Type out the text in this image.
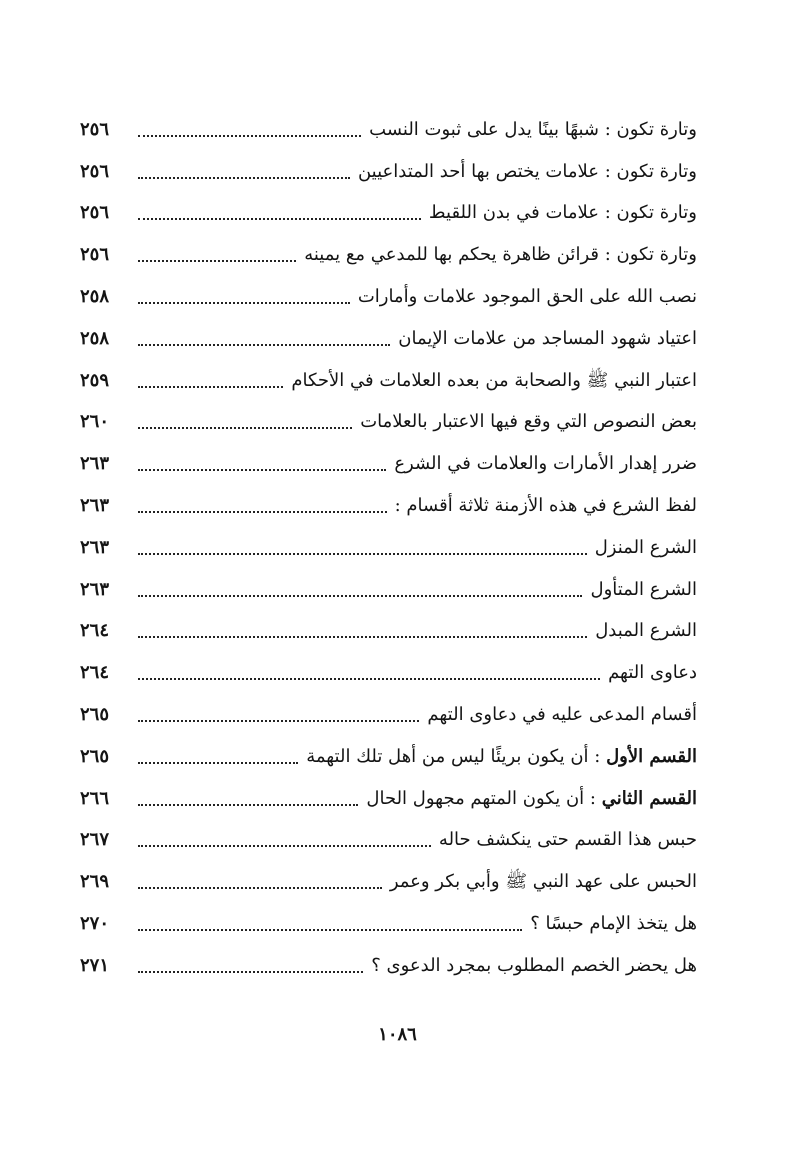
وتارة تكون : شبهًا بينًا يدل على ثبوت النسب
٢٥٦
وتارة تكون : علامات يختص بها أحد المتداعيين
٢٥٦
وتارة تكون : علامات في بدن اللقيط
٢٥٦
وتارة تكون : قرائن ظاهرة يحكم بها للمدعي مع يمينه
٢٥٦
نصب الله على الحق الموجود علامات وأمارات
٢٥٨
اعتياد شهود المساجد من علامات الإيمان
٢٥٨
اعتبار النبي ﷺ والصحابة من بعده العلامات في الأحكام
٢٥٩
بعض النصوص التي وقع فيها الاعتبار بالعلامات
٢٦٠
ضرر إهدار الأمارات والعلامات في الشرع
٢٦٣
لفظ الشرع في هذه الأزمنة ثلاثة أقسام :
٢٦٣
الشرع المنزل
٢٦٣
الشرع المتأول
٢٦٣
الشرع المبدل
٢٦٤
دعاوى التهم
٢٦٤
أقسام المدعى عليه في دعاوى التهم
٢٦٥
القسم الأول : أن يكون بريئًا ليس من أهل تلك التهمة
٢٦٥
القسم الثاني : أن يكون المتهم مجهول الحال
٢٦٦
حبس هذا القسم حتى ينكشف حاله
٢٦٧
الحبس على عهد النبي ﷺ وأبي بكر وعمر
٢٦٩
هل يتخذ الإمام حبسًا ؟
٢٧٠
هل يحضر الخصم المطلوب بمجرد الدعوى ؟
٢٧١
١٠٨٦
